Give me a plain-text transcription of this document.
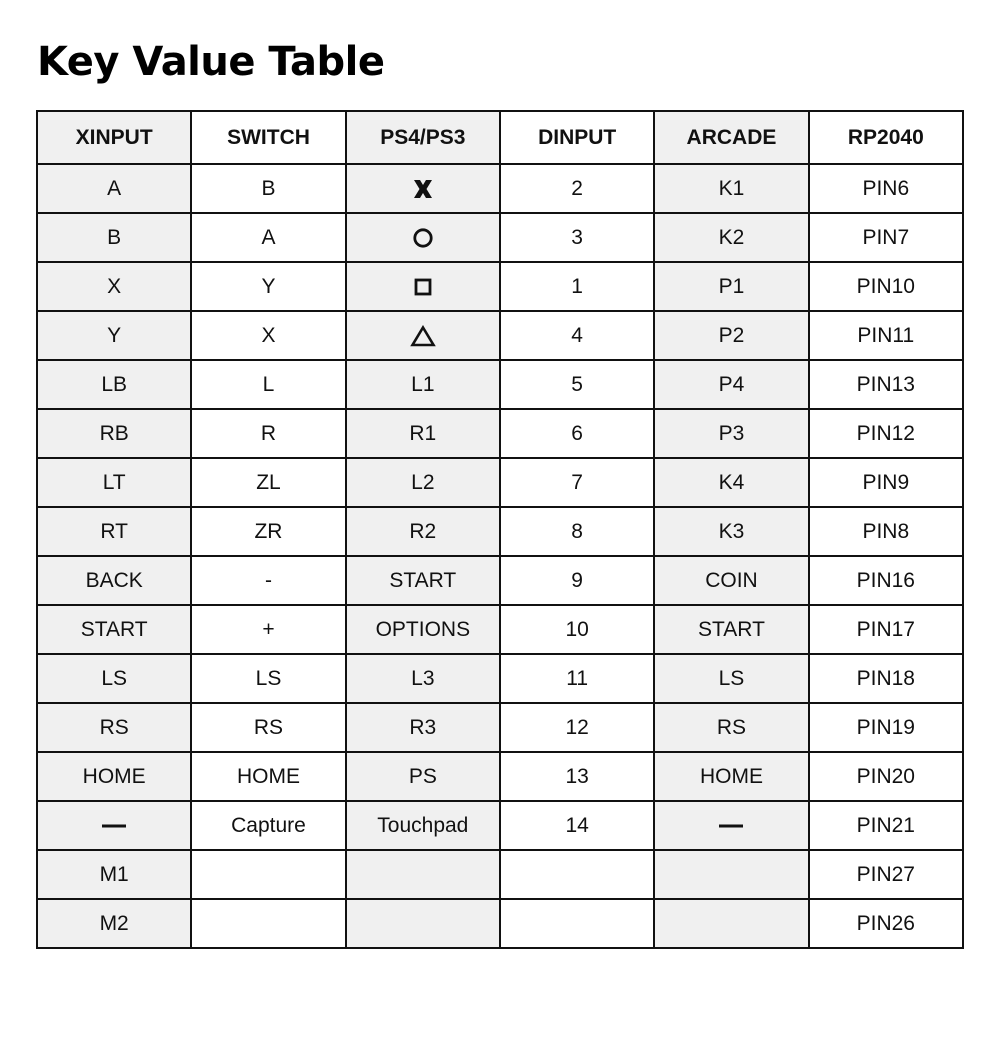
Key Value Table
XINPUT	SWITCH	PS4/PS3	DINPUT	ARCADE	RP2040
A	B		2	K1	PIN6
B	A		3	K2	PIN7
X	Y		1	P1	PIN10
Y	X		4	P2	PIN11
LB	L	L1	5	P4	PIN13
RB	R	R1	6	P3	PIN12
LT	ZL	L2	7	K4	PIN9
RT	ZR	R2	8	K3	PIN8
BACK	-	START	9	COIN	PIN16
START	+	OPTIONS	10	START	PIN17
LS	LS	L3	11	LS	PIN18
RS	RS	R3	12	RS	PIN19
HOME	HOME	PS	13	HOME	PIN20

	Capture	Touchpad	14		PIN21
M1					PIN27
M2					PIN26
